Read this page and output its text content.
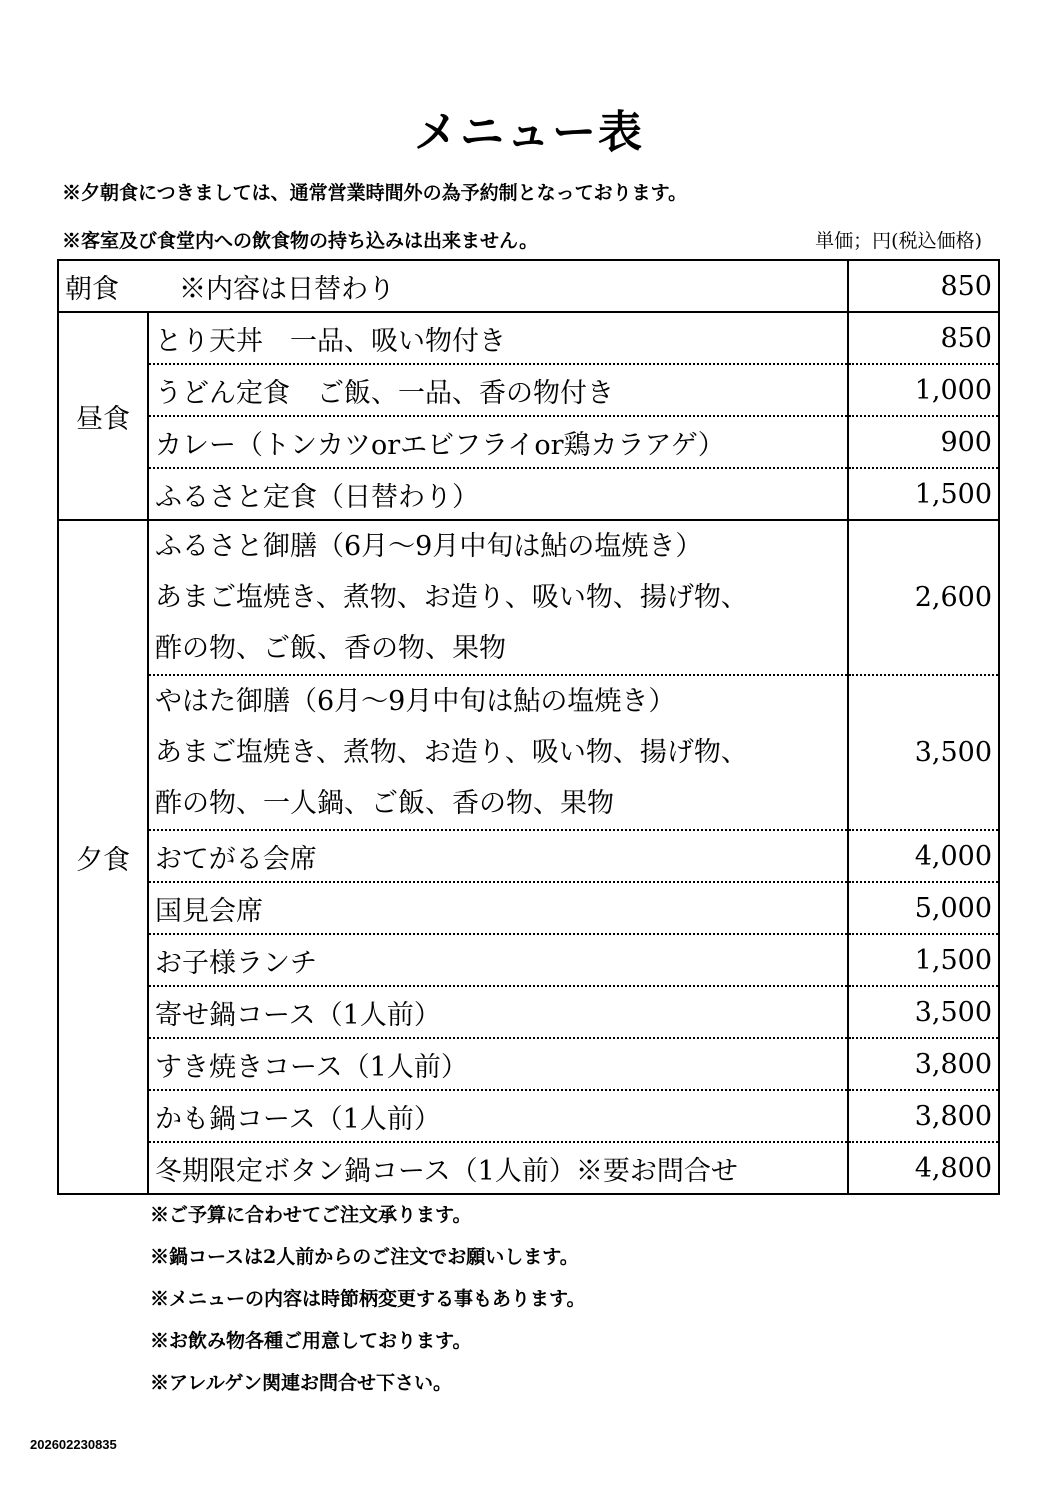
メニュー表
※夕朝食につきましては、通常営業時間外の為予約制となっております。
※客室及び食堂内への飲食物の持ち込みは出来ません。	単価；円(税込価格)
朝食 ※内容は日替わり		850
昼食	とり天丼　一品、吸い物付き	850
	うどん定食　ご飯、一品、香の物付き	1,000
	カレー（トンカツorエビフライor鶏カラアゲ）	900
	ふるさと定食（日替わり）	1,500
夕食	ふるさと御膳（6月～9月中旬は鮎の塩焼き）
あまご塩焼き、煮物、お造り、吸い物、揚げ物、
酢の物、ご飯、香の物、果物	2,600

	やはた御膳（6月～9月中旬は鮎の塩焼き）
あまご塩焼き、煮物、お造り、吸い物、揚げ物、
酢の物、一人鍋、ご飯、香の物、果物	3,500
	おてがる会席	4,000
	国見会席	5,000
	お子様ランチ	1,500
	寄せ鍋コース（1人前）	3,500
	すき焼きコース（1人前）	3,800
	かも鍋コース（1人前）	3,800
	冬期限定ボタン鍋コース（1人前）※要お問合せ	4,800
※ご予算に合わせてご注文承ります。
※鍋コースは2人前からのご注文でお願いします。
※メニューの内容は時節柄変更する事もあります。
※お飲み物各種ご用意しております。
※アレルゲン関連お問合せ下さい。
202602230835
